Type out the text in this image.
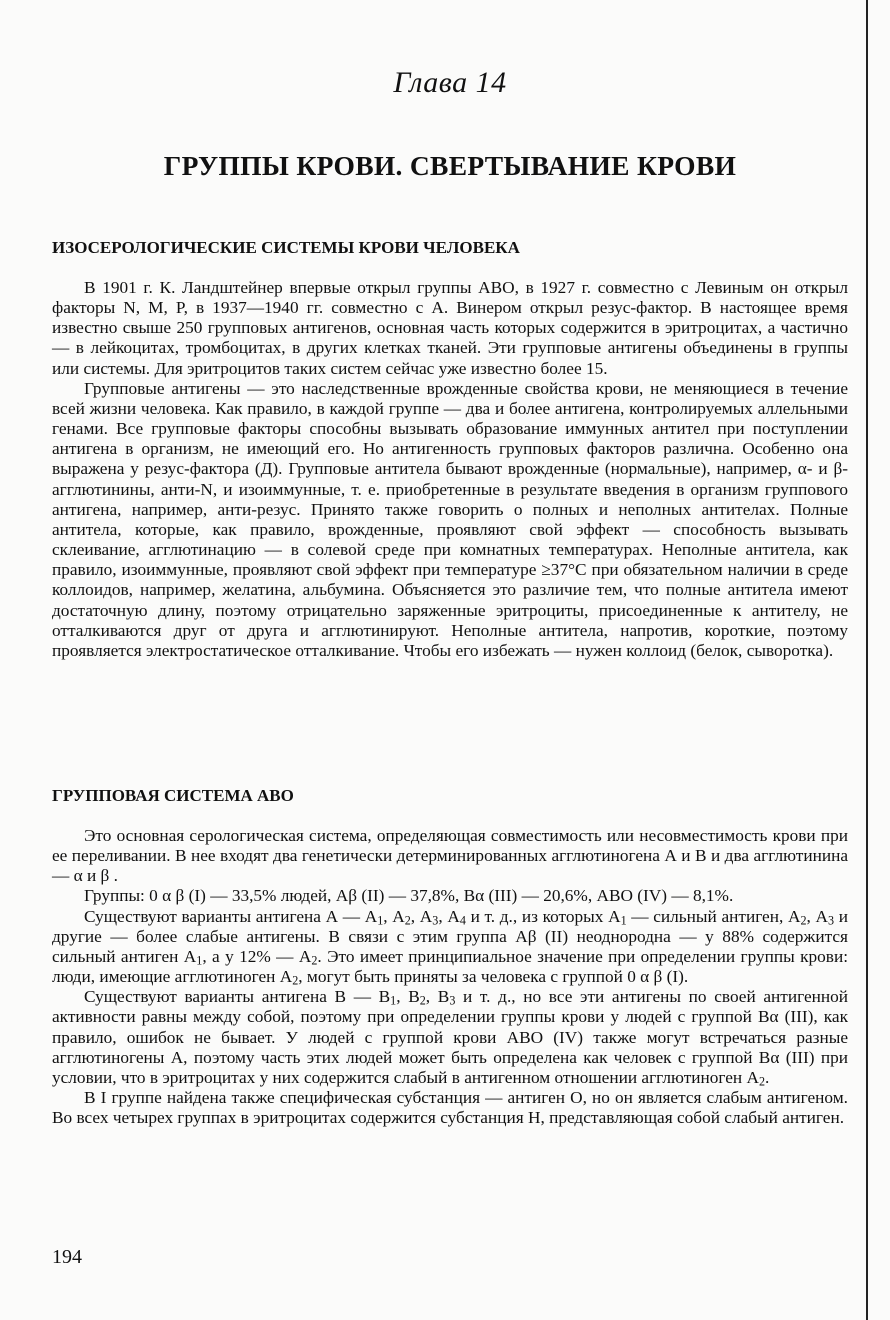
Глава 14
ГРУППЫ КРОВИ. СВЕРТЫВАНИЕ КРОВИ
ИЗОСЕРОЛОГИЧЕСКИЕ СИСТЕМЫ КРОВИ ЧЕЛОВЕКА

В 1901 г. К. Ландштейнер впервые открыл группы АВО, в 1927 г. совместно с Левиным он открыл факторы N, M, P, в 1937—1940 гг. совместно с А. Винером открыл резус-фактор. В настоящее время известно свыше 250 групповых антигенов, основная часть которых содержится в эритроцитах, а частично — в лейкоцитах, тромбоцитах, в других клетках тканей. Эти групповые антигены объединены в группы или системы. Для эритроцитов таких систем сейчас уже известно более 15.

Групповые антигены — это наследственные врожденные свойства крови, не меняющиеся в течение всей жизни человека. Как правило, в каждой группе — два и более антигена, контролируемых аллельными генами. Все групповые факторы способны вызывать образование иммунных антител при поступлении антигена в организм, не имеющий его. Но антигенность групповых факторов различна. Особенно она выражена у резус-фактора (Д). Групповые антитела бывают врожденные (нормальные), например, α- и β-агглютинины, анти-N, и изоиммунные, т. е. приобретенные в результате введения в организм группового антигена, например, анти-резус. Принято также говорить о полных и неполных антителах. Полные антитела, которые, как правило, врожденные, проявляют свой эффект — способность вызывать склеивание, агглютинацию — в солевой среде при комнатных температурах. Неполные антитела, как правило, изоиммунные, проявляют свой эффект при температуре ≥37°С при обязательном наличии в среде коллоидов, например, желатина, альбумина. Объясняется это различие тем, что полные антитела имеют достаточную длину, поэтому отрицательно заряженные эритроциты, присоединенные к антителу, не отталкиваются друг от друга и агглютинируют. Неполные антитела, напротив, короткие, поэтому проявляется электростатическое отталкивание. Чтобы его избежать — нужен коллоид (белок, сыворотка).

ГРУППОВАЯ СИСТЕМА АВО

Это основная серологическая система, определяющая совместимость или несовместимость крови при ее переливании. В нее входят два генетически детерминированных агглютиногена А и В и два агглютинина — α и β .

Группы: 0 α β (I) — 33,5% людей, Аβ (II) — 37,8%, Вα (III) — 20,6%, АВО (IV) — 8,1%.

Существуют варианты антигена А — $А_1$, $А_2$, $А_3$, $А_4$ и т. д., из которых $А_1$ — сильный антиген, $А_2$, $А_3$ и другие — более слабые антигены. В связи с этим группа Аβ (II) неоднородна — у 88% содержится сильный антиген $А_1$, а у 12% — $А_2$. Это имеет принципиальное значение при определении группы крови: люди, имеющие агглютиноген $А_2$, могут быть приняты за человека с группой 0 α β (I).

Существуют варианты антигена В — $В_1$, $В_2$, $В_3$ и т. д., но все эти антигены по своей антигенной активности равны между собой, поэтому при определении группы крови у людей с группой Вα (III), как правило, ошибок не бывает. У людей с группой крови АВО (IV) также могут встречаться разные агглютиногены А, поэтому часть этих людей может быть определена как человек с группой Вα (III) при условии, что в эритроцитах у них содержится слабый в антигенном отношении агглютиноген $А_2$.

В I группе найдена также специфическая субстанция — антиген О, но он является слабым антигеном. Во всех четырех группах в эритроцитах содержится субстанция Н, представляющая собой слабый антиген.

194
